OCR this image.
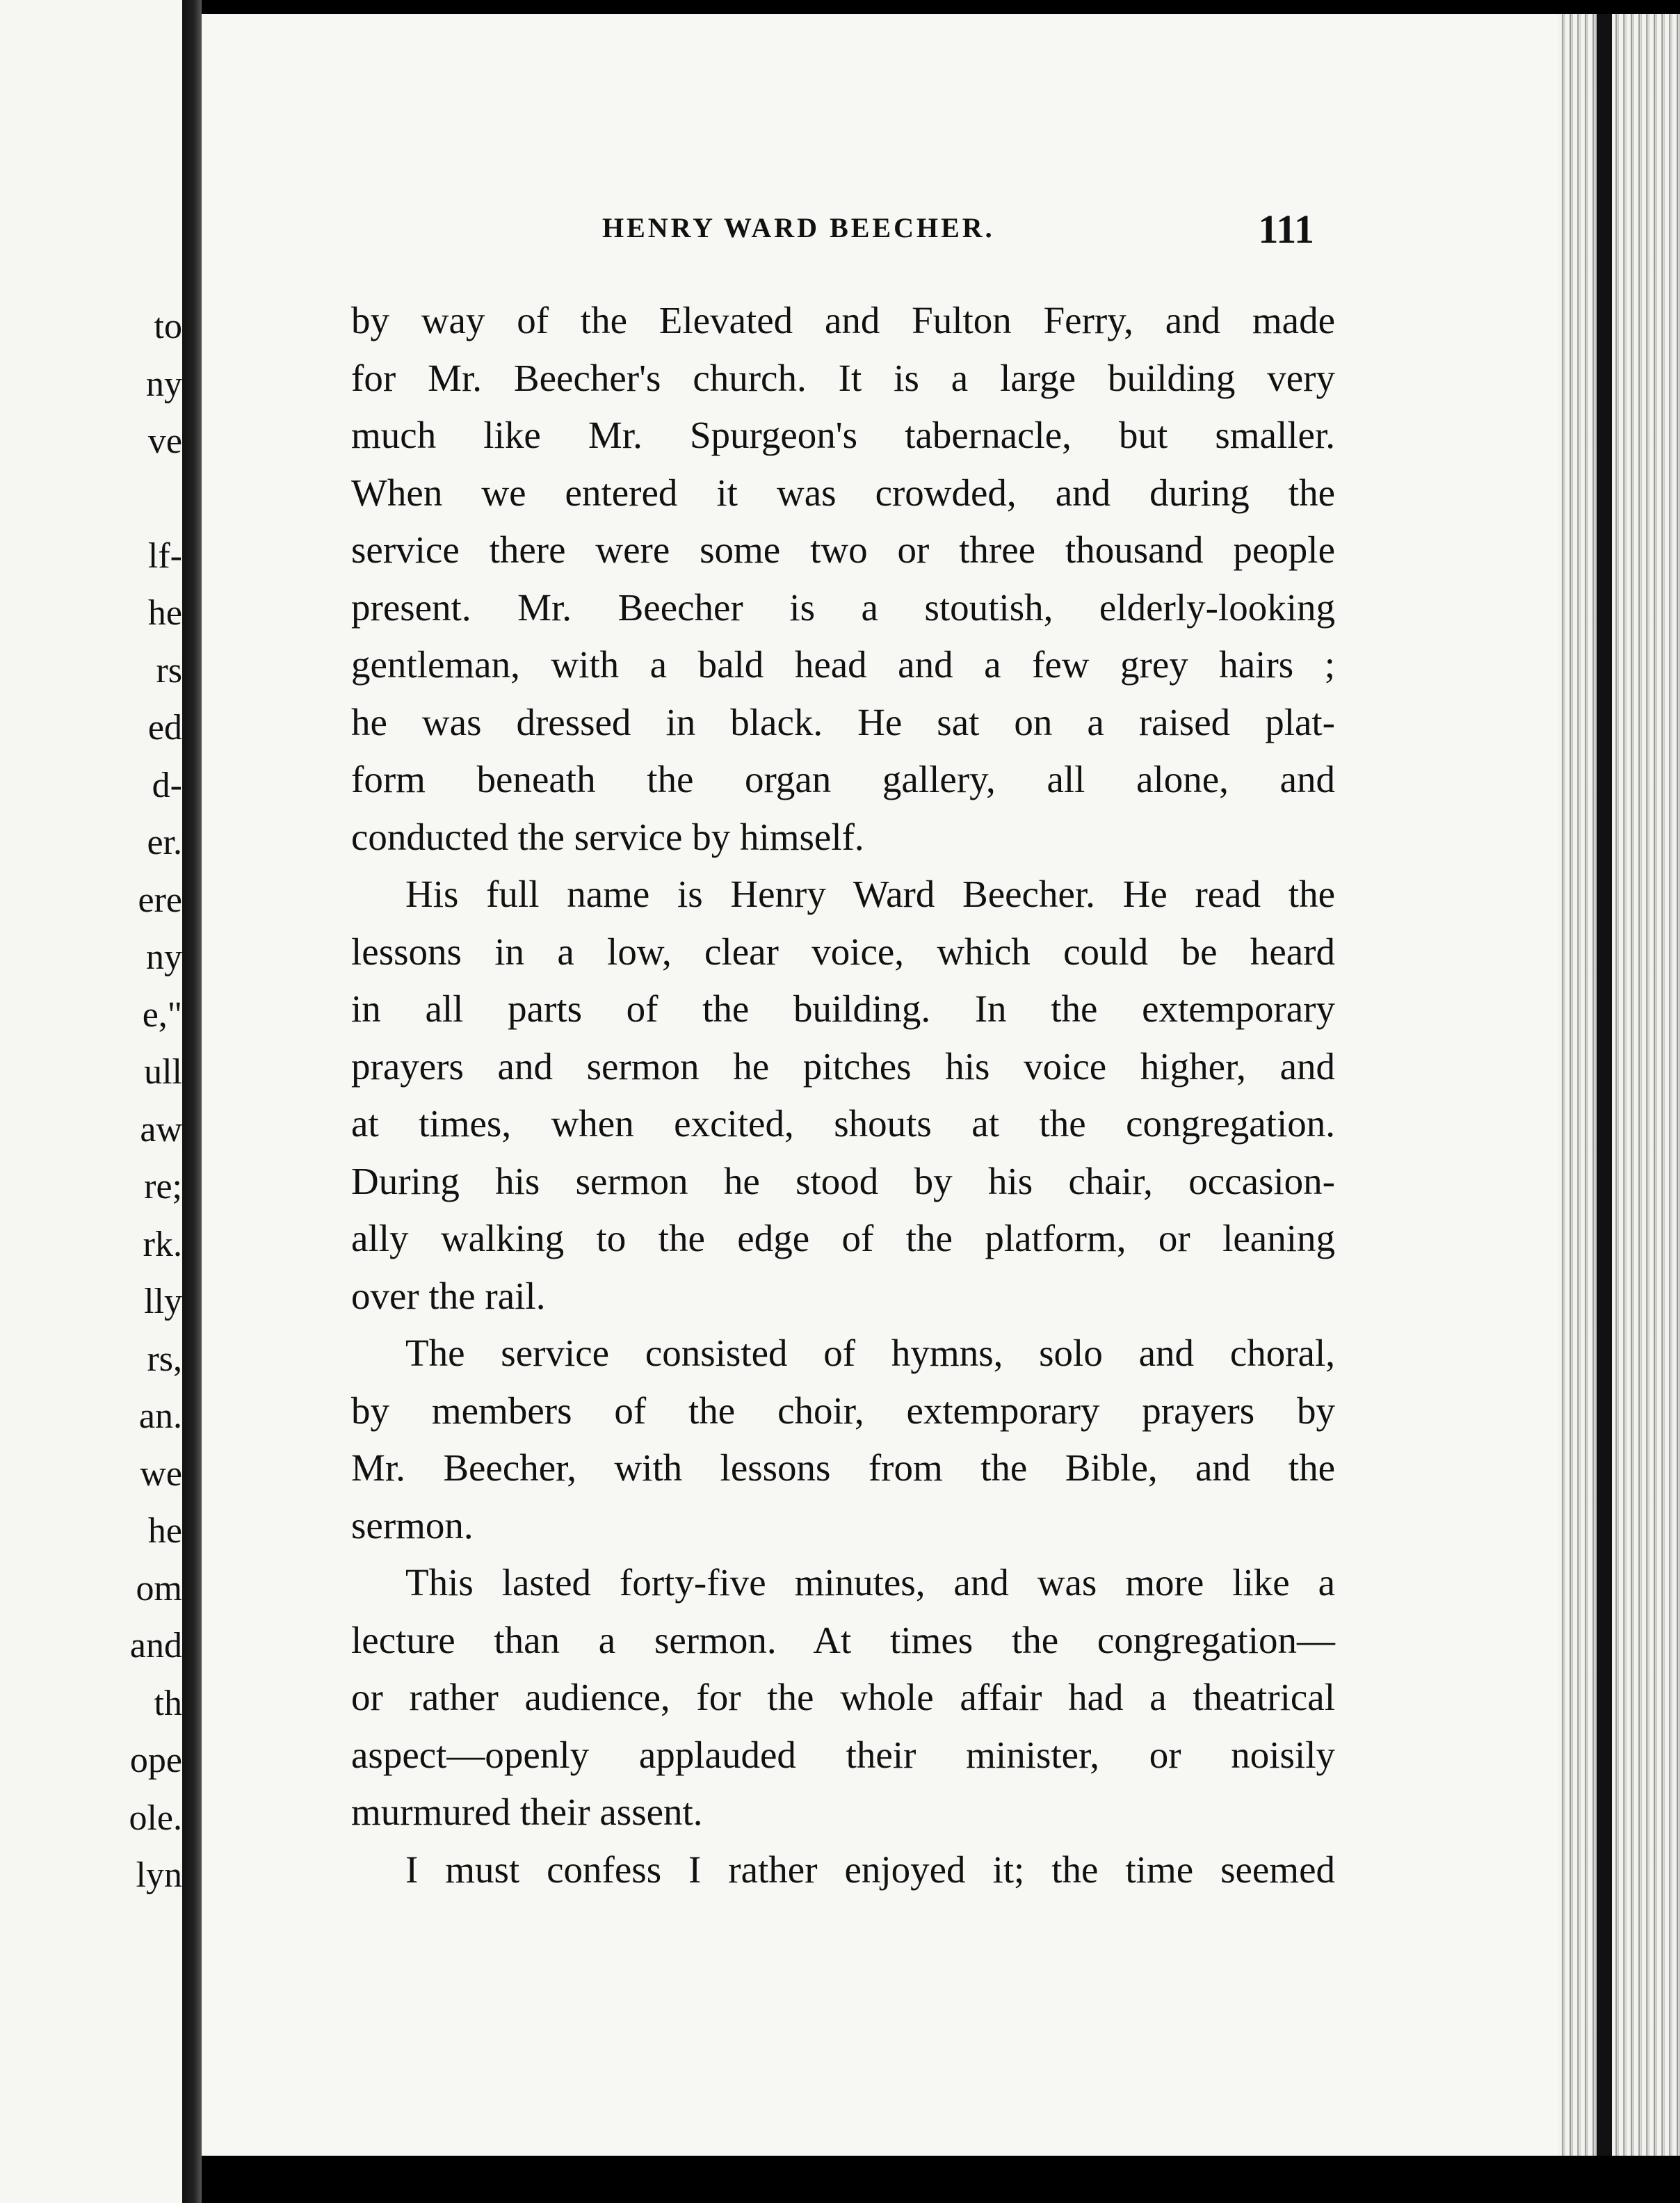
to
ny
ve
lf-
he
rs
ed
d-
er.
ere
ny
e,"
ull
aw
re;
rk.
lly
rs,
an.
we
he
om
and
th
ope
ole.
lyn
HENRY WARD BEECHER.	111
by way of the Elevated and Fulton Ferry, and made
for Mr. Beecher's church. It is a large building very
much like Mr. Spurgeon's tabernacle, but smaller.
When we entered it was crowded, and during the
service there were some two or three thousand people
present. Mr. Beecher is a stoutish, elderly-looking
gentleman, with a bald head and a few grey hairs ;
he was dressed in black. He sat on a raised plat-
form beneath the organ gallery, all alone, and
conducted the service by himself.
His full name is Henry Ward Beecher. He read the
lessons in a low, clear voice, which could be heard
in all parts of the building. In the extemporary
prayers and sermon he pitches his voice higher, and
at times, when excited, shouts at the congregation.
During his sermon he stood by his chair, occasion-
ally walking to the edge of the platform, or leaning
over the rail.
The service consisted of hymns, solo and choral,
by members of the choir, extemporary prayers by
Mr. Beecher, with lessons from the Bible, and the
sermon.
This lasted forty-five minutes, and was more like a
lecture than a sermon. At times the congregation—
or rather audience, for the whole affair had a theatrical
aspect—openly applauded their minister, or noisily
murmured their assent.
I must confess I rather enjoyed it; the time seemed
